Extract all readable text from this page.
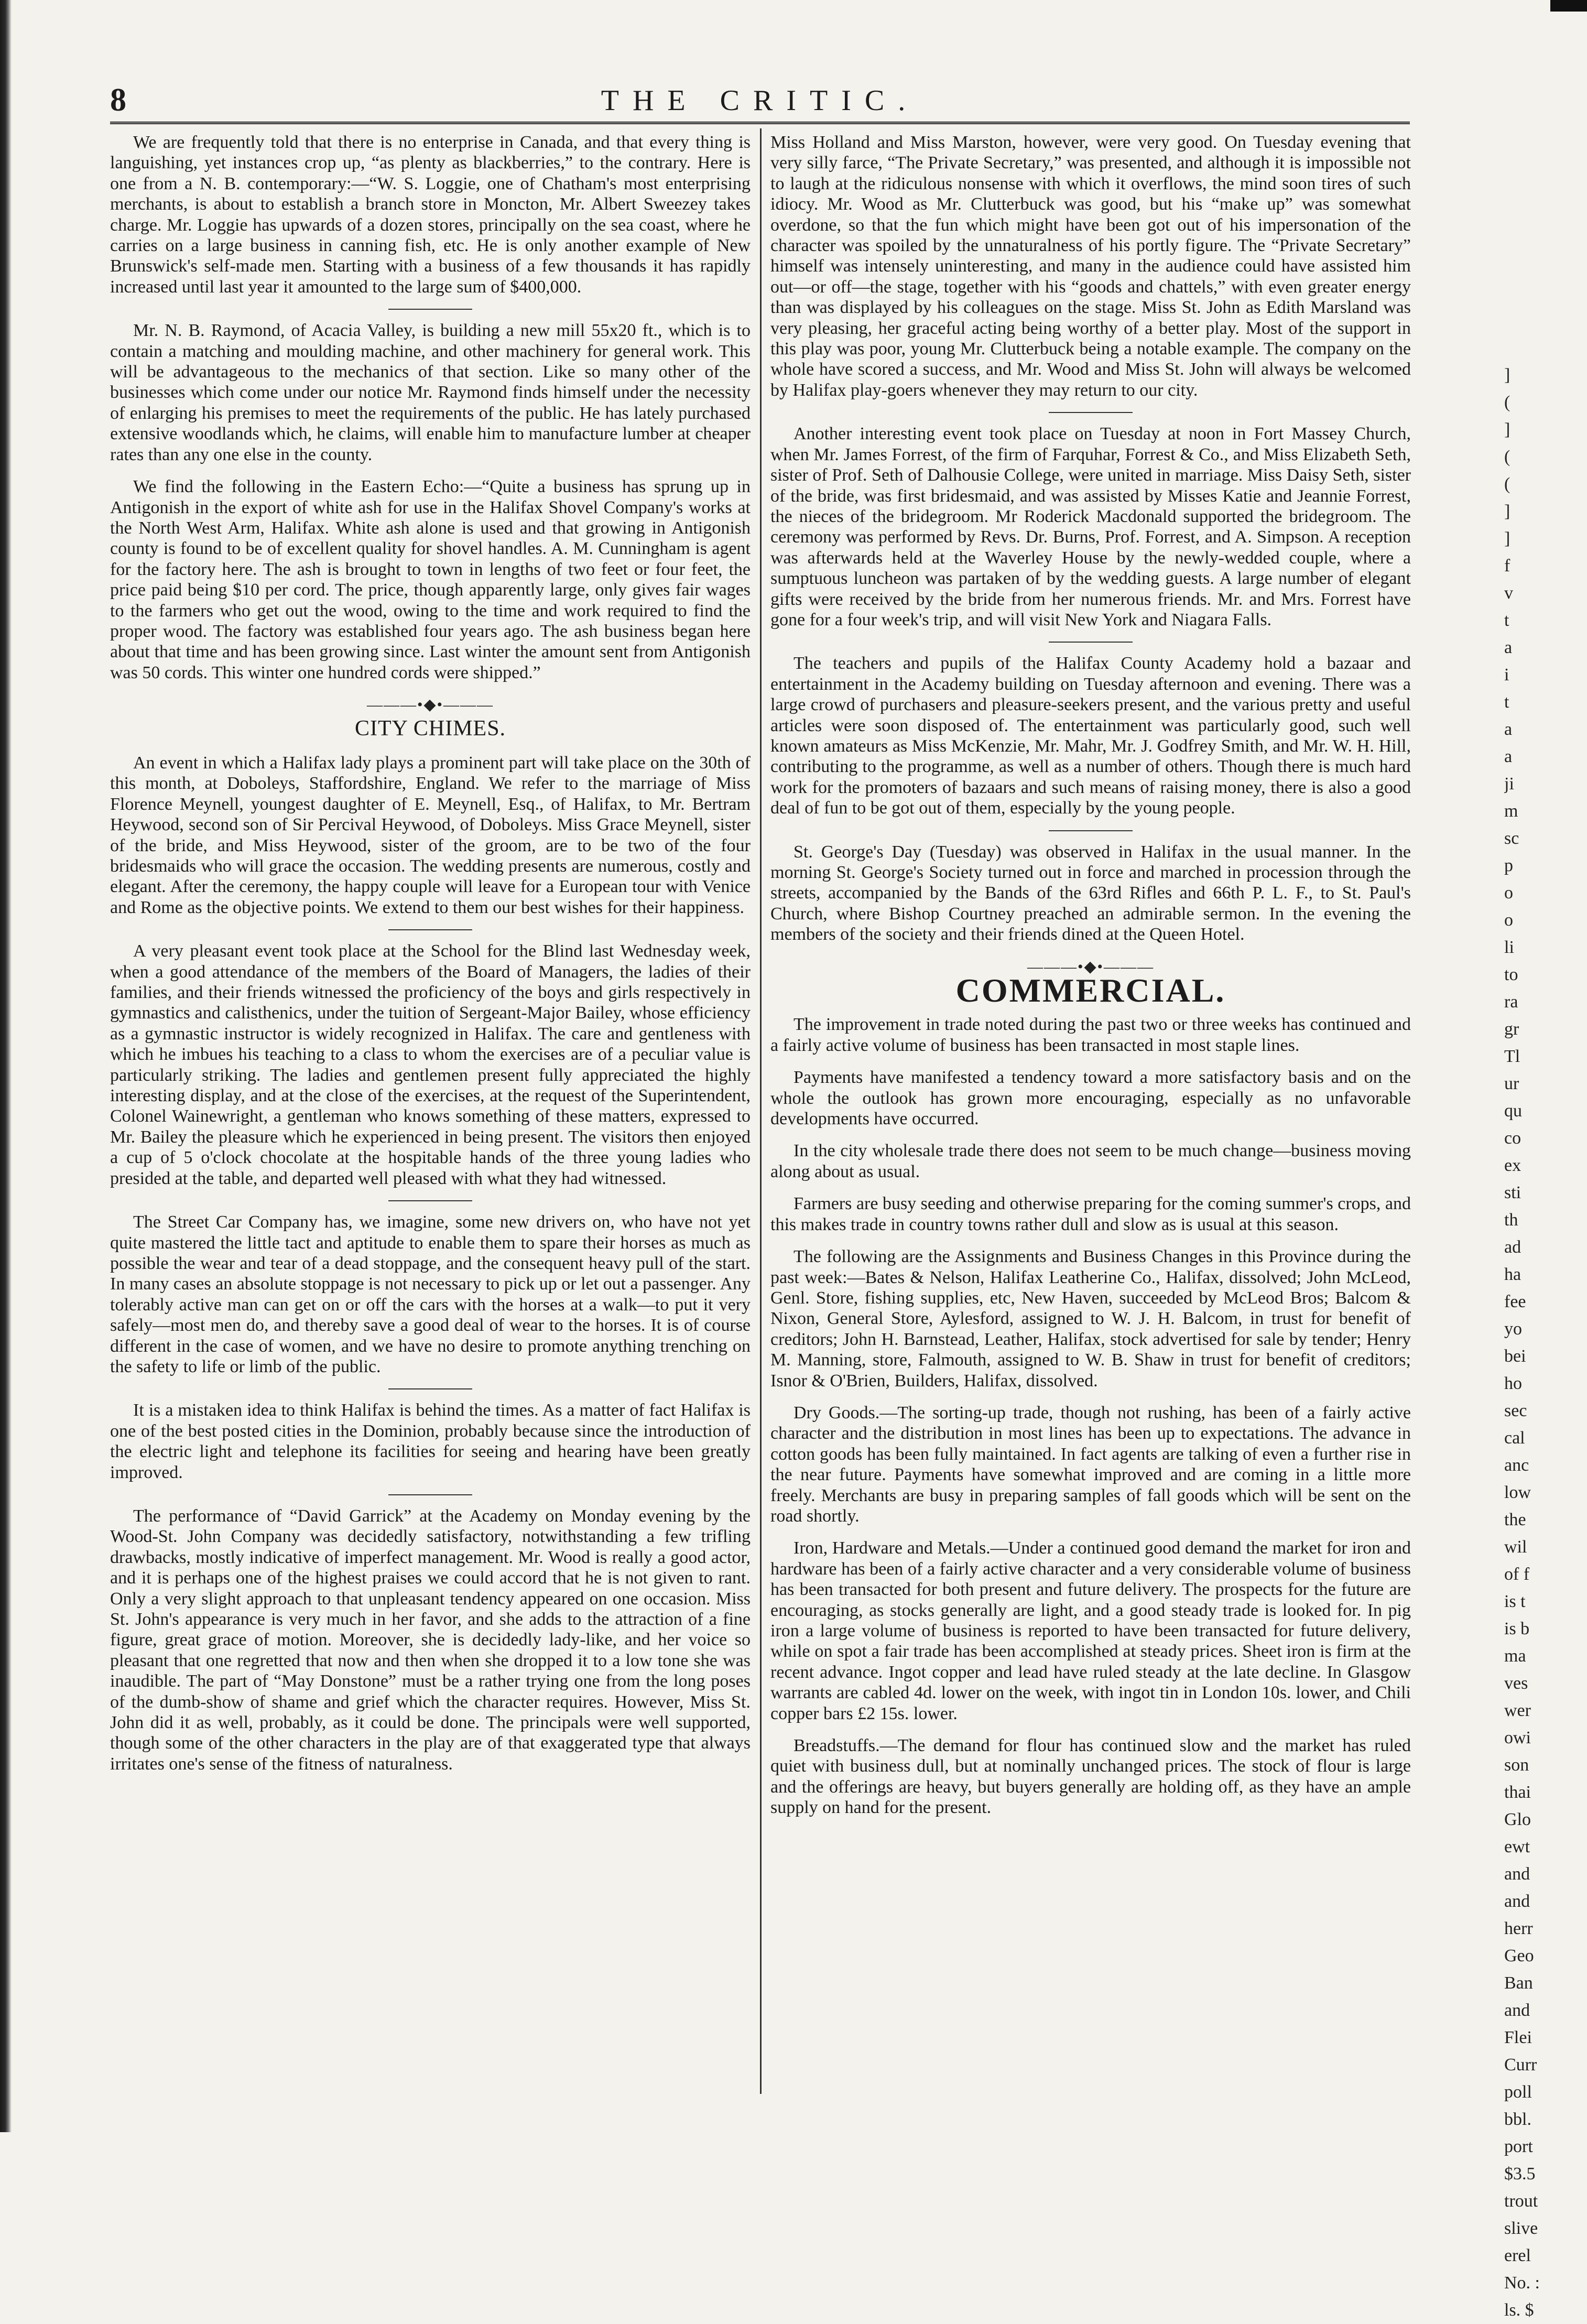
8	THE CRITIC.

We are frequently told that there is no enterprise in Canada, and that every thing is languishing, yet instances crop up, “as plenty as blackberries,” to the contrary. Here is one from a N. B. contemporary:—“W. S. Loggie, one of Chatham's most enterprising merchants, is about to establish a branch store in Moncton, Mr. Albert Sweezey takes charge. Mr. Loggie has upwards of a dozen stores, principally on the sea coast, where he carries on a large business in canning fish, etc. He is only another example of New Brunswick's self-made men. Starting with a business of a few thousands it has rapidly increased until last year it amounted to the large sum of $400,000.

Mr. N. B. Raymond, of Acacia Valley, is building a new mill 55x20 ft., which is to contain a matching and moulding machine, and other machinery for general work. This will be advantageous to the mechanics of that section. Like so many other of the businesses which come under our notice Mr. Raymond finds himself under the necessity of enlarging his premises to meet the requirements of the public. He has lately purchased extensive woodlands which, he claims, will enable him to manufacture lumber at cheaper rates than any one else in the county.

We find the following in the Eastern Echo:—“Quite a business has sprung up in Antigonish in the export of white ash for use in the Halifax Shovel Company's works at the North West Arm, Halifax. White ash alone is used and that growing in Antigonish county is found to be of excellent quality for shovel handles. A. M. Cunningham is agent for the factory here. The ash is brought to town in lengths of two feet or four feet, the price paid being $10 per cord. The price, though apparently large, only gives fair wages to the farmers who get out the wood, owing to the time and work required to find the proper wood. The factory was established four years ago. The ash business began here about that time and has been growing since. Last winter the amount sent from Antigonish was 50 cords. This winter one hundred cords were shipped.”

―――•◆•―――
CITY CHIMES.

An event in which a Halifax lady plays a prominent part will take place on the 30th of this month, at Doboleys, Staffordshire, England. We refer to the marriage of Miss Florence Meynell, youngest daughter of E. Meynell, Esq., of Halifax, to Mr. Bertram Heywood, second son of Sir Percival Heywood, of Doboleys. Miss Grace Meynell, sister of the bride, and Miss Heywood, sister of the groom, are to be two of the four bridesmaids who will grace the occasion. The wedding presents are numerous, costly and elegant. After the ceremony, the happy couple will leave for a European tour with Venice and Rome as the objective points. We extend to them our best wishes for their happiness.

A very pleasant event took place at the School for the Blind last Wednesday week, when a good attendance of the members of the Board of Managers, the ladies of their families, and their friends witnessed the proficiency of the boys and girls respectively in gymnastics and calisthenics, under the tuition of Sergeant-Major Bailey, whose efficiency as a gymnastic instructor is widely recognized in Halifax. The care and gentleness with which he imbues his teaching to a class to whom the exercises are of a peculiar value is particularly striking. The ladies and gentlemen present fully appreciated the highly interesting display, and at the close of the exercises, at the request of the Superintendent, Colonel Wainewright, a gentleman who knows something of these matters, expressed to Mr. Bailey the pleasure which he experienced in being present. The visitors then enjoyed a cup of 5 o'clock chocolate at the hospitable hands of the three young ladies who presided at the table, and departed well pleased with what they had witnessed.

The Street Car Company has, we imagine, some new drivers on, who have not yet quite mastered the little tact and aptitude to enable them to spare their horses as much as possible the wear and tear of a dead stoppage, and the consequent heavy pull of the start. In many cases an absolute stoppage is not necessary to pick up or let out a passenger. Any tolerably active man can get on or off the cars with the horses at a walk—to put it very safely—most men do, and thereby save a good deal of wear to the horses. It is of course different in the case of women, and we have no desire to promote anything trenching on the safety to life or limb of the public.

It is a mistaken idea to think Halifax is behind the times. As a matter of fact Halifax is one of the best posted cities in the Dominion, probably because since the introduction of the electric light and telephone its facilities for seeing and hearing have been greatly improved.

The performance of “David Garrick” at the Academy on Monday evening by the Wood-St. John Company was decidedly satisfactory, notwithstanding a few trifling drawbacks, mostly indicative of imperfect management. Mr. Wood is really a good actor, and it is perhaps one of the highest praises we could accord that he is not given to rant. Only a very slight approach to that unpleasant tendency appeared on one occasion. Miss St. John's appearance is very much in her favor, and she adds to the attraction of a fine figure, great grace of motion. Moreover, she is decidedly lady-like, and her voice so pleasant that one regretted that now and then when she dropped it to a low tone she was inaudible. The part of “May Donstone” must be a rather trying one from the long poses of the dumb-show of shame and grief which the character requires. However, Miss St. John did it as well, probably, as it could be done. The principals were well supported, though some of the other characters in the play are of that exaggerated type that always irritates one's sense of the fitness of naturalness.

Miss Holland and Miss Marston, however, were very good. On Tuesday evening that very silly farce, “The Private Secretary,” was presented, and although it is impossible not to laugh at the ridiculous nonsense with which it overflows, the mind soon tires of such idiocy. Mr. Wood as Mr. Clutterbuck was good, but his “make up” was somewhat overdone, so that the fun which might have been got out of his impersonation of the character was spoiled by the unnaturalness of his portly figure. The “Private Secretary” himself was intensely uninteresting, and many in the audience could have assisted him out—or off—the stage, together with his “goods and chattels,” with even greater energy than was displayed by his colleagues on the stage. Miss St. John as Edith Marsland was very pleasing, her graceful acting being worthy of a better play. Most of the support in this play was poor, young Mr. Clutterbuck being a notable example. The company on the whole have scored a success, and Mr. Wood and Miss St. John will always be welcomed by Halifax play-goers whenever they may return to our city.

Another interesting event took place on Tuesday at noon in Fort Massey Church, when Mr. James Forrest, of the firm of Farquhar, Forrest & Co., and Miss Elizabeth Seth, sister of Prof. Seth of Dalhousie College, were united in marriage. Miss Daisy Seth, sister of the bride, was first bridesmaid, and was assisted by Misses Katie and Jeannie Forrest, the nieces of the bridegroom. Mr Roderick Macdonald supported the bridegroom. The ceremony was performed by Revs. Dr. Burns, Prof. Forrest, and A. Simpson. A reception was afterwards held at the Waverley House by the newly-wedded couple, where a sumptuous luncheon was partaken of by the wedding guests. A large number of elegant gifts were received by the bride from her numerous friends. Mr. and Mrs. Forrest have gone for a four week's trip, and will visit New York and Niagara Falls.

The teachers and pupils of the Halifax County Academy hold a bazaar and entertainment in the Academy building on Tuesday afternoon and evening. There was a large crowd of purchasers and pleasure-seekers present, and the various pretty and useful articles were soon disposed of. The entertainment was particularly good, such well known amateurs as Miss McKenzie, Mr. Mahr, Mr. J. Godfrey Smith, and Mr. W. H. Hill, contributing to the programme, as well as a number of others. Though there is much hard work for the promoters of bazaars and such means of raising money, there is also a good deal of fun to be got out of them, especially by the young people.

St. George's Day (Tuesday) was observed in Halifax in the usual manner. In the morning St. George's Society turned out in force and marched in procession through the streets, accompanied by the Bands of the 63rd Rifles and 66th P. L. F., to St. Paul's Church, where Bishop Courtney preached an admirable sermon. In the evening the members of the society and their friends dined at the Queen Hotel.

―――•◆•―――
COMMERCIAL.

The improvement in trade noted during the past two or three weeks has continued and a fairly active volume of business has been transacted in most staple lines.

Payments have manifested a tendency toward a more satisfactory basis and on the whole the outlook has grown more encouraging, especially as no unfavorable developments have occurred.

In the city wholesale trade there does not seem to be much change—business moving along about as usual.

Farmers are busy seeding and otherwise preparing for the coming summer's crops, and this makes trade in country towns rather dull and slow as is usual at this season.

The following are the Assignments and Business Changes in this Province during the past week:—Bates & Nelson, Halifax Leatherine Co., Halifax, dissolved; John McLeod, Genl. Store, fishing supplies, etc, New Haven, succeeded by McLeod Bros; Balcom & Nixon, General Store, Aylesford, assigned to W. J. H. Balcom, in trust for benefit of creditors; John H. Barnstead, Leather, Halifax, stock advertised for sale by tender; Henry M. Manning, store, Falmouth, assigned to W. B. Shaw in trust for benefit of creditors; Isnor & O'Brien, Builders, Halifax, dissolved.

Dry Goods.—The sorting-up trade, though not rushing, has been of a fairly active character and the distribution in most lines has been up to expectations. The advance in cotton goods has been fully maintained. In fact agents are talking of even a further rise in the near future. Payments have somewhat improved and are coming in a little more freely. Merchants are busy in preparing samples of fall goods which will be sent on the road shortly.

Iron, Hardware and Metals.—Under a continued good demand the market for iron and hardware has been of a fairly active character and a very considerable volume of business has been transacted for both present and future delivery. The prospects for the future are encouraging, as stocks generally are light, and a good steady trade is looked for. In pig iron a large volume of business is reported to have been transacted for future delivery, while on spot a fair trade has been accomplished at steady prices. Sheet iron is firm at the recent advance. Ingot copper and lead have ruled steady at the late decline. In Glasgow warrants are cabled 4d. lower on the week, with ingot tin in London 10s. lower, and Chili copper bars £2 15s. lower.

Breadstuffs.—The demand for flour has continued slow and the market has ruled quiet with business dull, but at nominally unchanged prices. The stock of flour is large and the offerings are heavy, but buyers generally are holding off, as they have an ample supply on hand for the present.

]
(
]
(
(
]
]
f
v
t
a
i
t
a
a
ji
m
sc
p
o
o
li
to
ra
gr
Tl
ur
qu
co
ex
sti
th
ad
ha
fee
yo
bei
ho
sec
cal
anc
low
the
wil
of f
is t
is b
ma
ves
wer
owi
son
thai
Glo
ewt
and
and
herr
Geo
Ban
and
Flei
Curr
poll
bbl.
port
$3.5
trout
slive
erel
No. :
ls. $
